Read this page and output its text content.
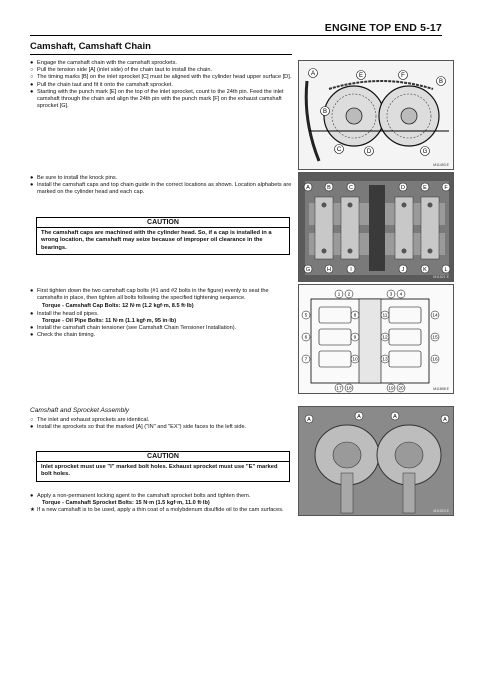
ENGINE TOP END 5-17
Camshaft, Camshaft Chain
● Engage the camshaft chain with the camshaft sprockets.
○ Pull the tension side [A] (inlet side) of the chain taut to install the chain.
○ The timing marks [B] on the inlet sprocket [C] must be aligned with the cylinder head upper surface [D].
● Pull the chain taut and fit it onto the camshaft sprocket.
● Starting with the punch mark [E] on the top of the inlet sprocket, count to the 24th pin. Feed the inlet camshaft through the chain and align the 24th pin with the punch mark [F] on the exhaust camshaft sprocket [G].
● Be sure to install the knock pins.
● Install the camshaft caps and top chain guide in the correct locations as shown. Location alphabets are marked on the cylinder head and each cap.
CAUTION
The camshaft caps are machined with the cylinder head. So, if a cap is installed in a wrong location, the camshaft may seize because of improper oil clearance in the bearings.
● First tighten down the two camshaft cap bolts (#1 and #2 bolts in the figure) evenly to seat the camshafts in place, then tighten all bolts following the specified tightening sequence.
Torque - Camshaft Cap Bolts: 12 N·m (1.2 kgf·m, 8.5 ft·lb)
● Install the head oil pipes.
Torque - Oil Pipe Bolts: 11 N·m (1.1 kgf·m, 95 in·lb)
● Install the camshaft chain tensioner (see Camshaft Chain Tensioner Installation).
● Check the chain timing.
Camshaft and Sprocket Assembly
○ The inlet and exhaust sprockets are identical.
● Install the sprockets so that the marked [A] ("IN" and "EX") side faces to the left side.
CAUTION
Inlet sprocket must use "I" marked bolt holes. Exhaust sprocket must use "E" marked bolt holes.
● Apply a non-permanent locking agent to the camshaft sprocket bolts and tighten them.
Torque - Camshaft Sprocket Bolts: 15 N·m (1.5 kgf·m, 11.0 ft·lb)
★ If a new camshaft is to be used, apply a thin coat of a molybdenum disulfide oil to the cam surfaces.
A
B
C	D
E	F
G
B
M11493 E
A	B	C	D	E	F
G	H	I	J	K	L
M11521 E
1 2	3 4
5
6
7
8
9
10
11
12
13
14
15
16
17 18	19 20	M11898 E
A	A	A	A
M11523 E
